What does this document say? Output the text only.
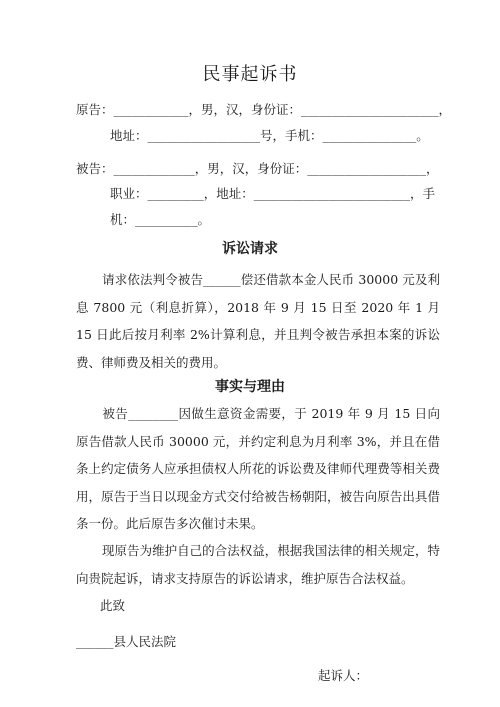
民事起诉书
原告：____________，男，汉，身份证：______________________，
地址：__________________号，手机：_______________。
被告：_____________，男，汉，身份证：___________________，
职业：_________，地址：_________________________，手
机：__________。
诉讼请求

请求依法判令被告______偿还借款本金人民币 30000 元及利息 7800 元（利息折算），2018 年 9 月 15 日至 2020 年 1 月 15 日此后按月利率 2%计算利息，并且判令被告承担本案的诉讼费、律师费及相关的费用。

事实与理由

被告________因做生意资金需要，于 2019 年 9 月 15 日向原告借款人民币 30000 元，并约定利息为月利率 3%，并且在借条上约定债务人应承担债权人所花的诉讼费及律师代理费等相关费用，原告于当日以现金方式交付给被告杨朝阳，被告向原告出具借条一份。此后原告多次催讨未果。

现原告为维护自己的合法权益，根据我国法律的相关规定，特向贵院起诉，请求支持原告的诉讼请求，维护原告合法权益。

此致
______县人民法院
起诉人：
